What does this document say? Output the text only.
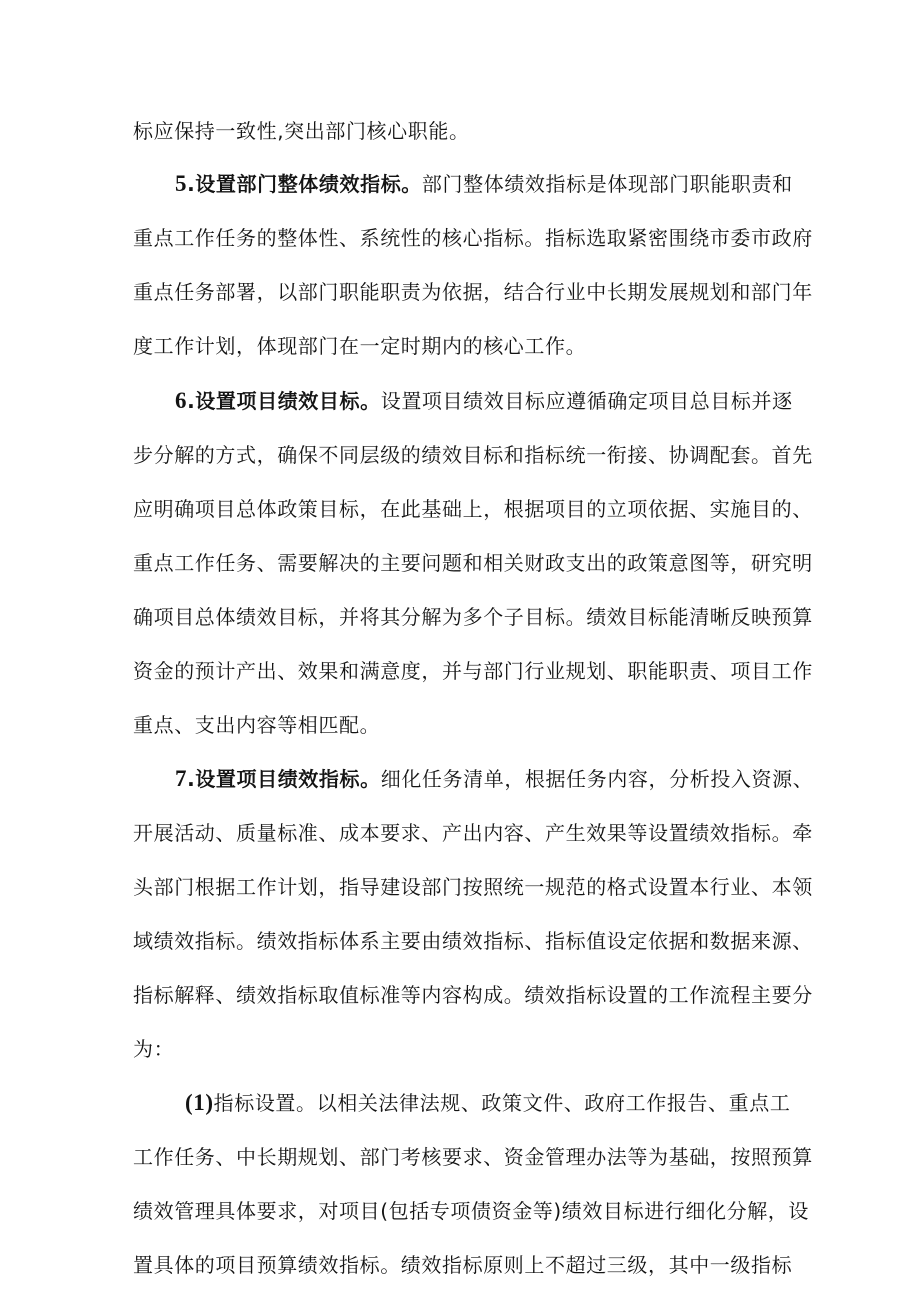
标应保持一致性,突出部门核心职能。
5.设置部门整体绩效指标。部门整体绩效指标是体现部门职能职责和
重点工作任务的整体性、系统性的核心指标。指标选取紧密围绕市委市政府
重点任务部署，以部门职能职责为依据，结合行业中长期发展规划和部门年
度工作计划，体现部门在一定时期内的核心工作。
6.设置项目绩效目标。设置项目绩效目标应遵循确定项目总目标并逐
步分解的方式，确保不同层级的绩效目标和指标统一衔接、协调配套。首先
应明确项目总体政策目标，在此基础上，根据项目的立项依据、实施目的、
重点工作任务、需要解决的主要问题和相关财政支出的政策意图等，研究明
确项目总体绩效目标，并将其分解为多个子目标。绩效目标能清晰反映预算
资金的预计产出、效果和满意度，并与部门行业规划、职能职责、项目工作
重点、支出内容等相匹配。
7.设置项目绩效指标。细化任务清单，根据任务内容，分析投入资源、
开展活动、质量标准、成本要求、产出内容、产生效果等设置绩效指标。牵
头部门根据工作计划，指导建设部门按照统一规范的格式设置本行业、本领
域绩效指标。绩效指标体系主要由绩效指标、指标值设定依据和数据来源、
指标解释、绩效指标取值标准等内容构成。绩效指标设置的工作流程主要分
为：
(1)指标设置。以相关法律法规、政策文件、政府工作报告、重点工
工作任务、中长期规划、部门考核要求、资金管理办法等为基础，按照预算
绩效管理具体要求，对项目(包括专项债资金等)绩效目标进行细化分解，设
置具体的项目预算绩效指标。绩效指标原则上不超过三级，其中一级指标
